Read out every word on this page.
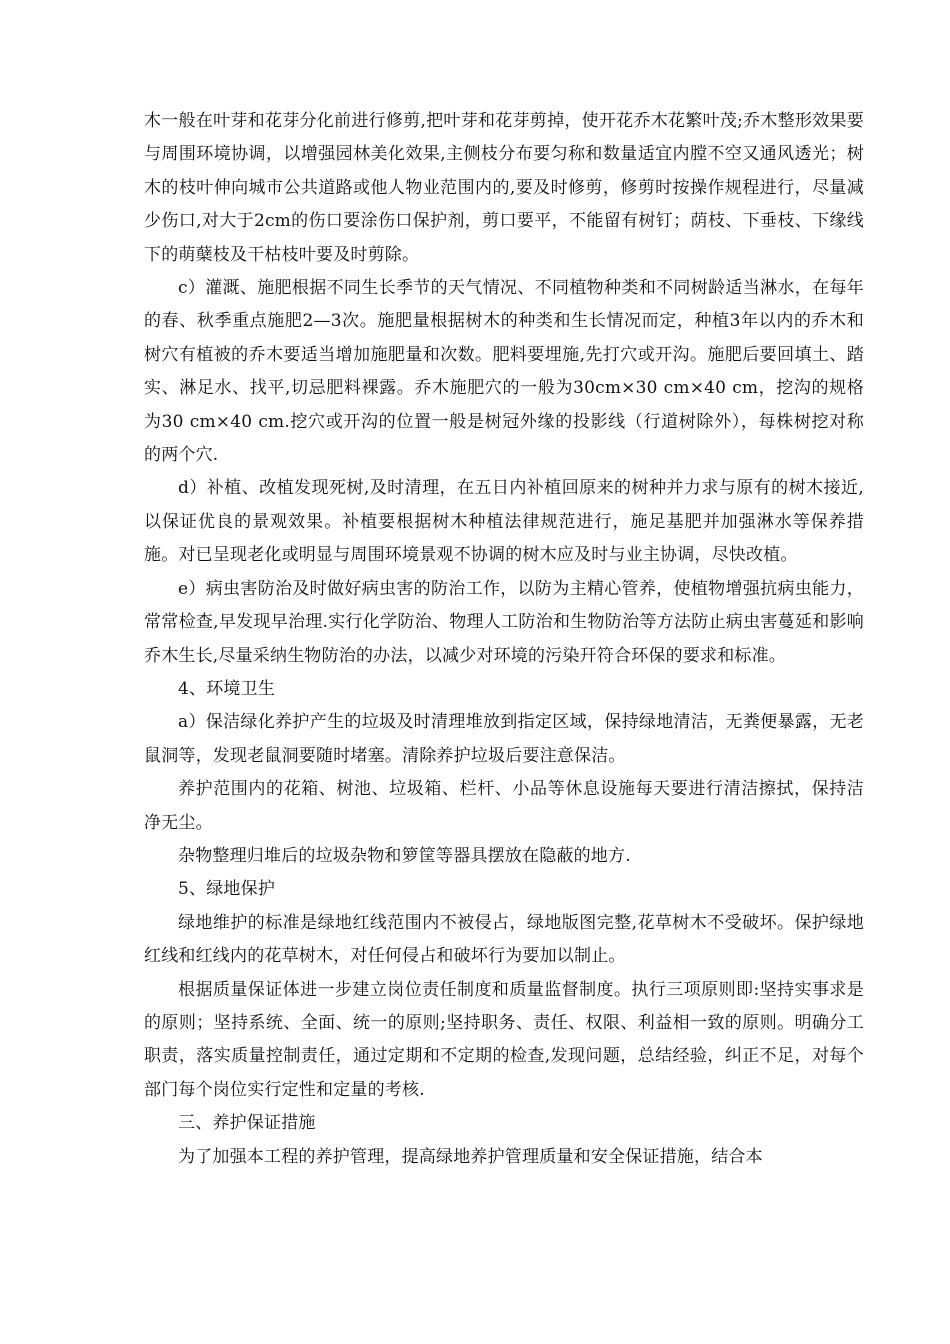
木一般在叶芽和花芽分化前进行修剪,把叶芽和花芽剪掉，使开花乔木花繁叶茂;乔木整形效果要与周围环境协调，以增强园林美化效果,主侧枝分布要匀称和数量适宜内膛不空又通风透光；树木的枝叶伸向城市公共道路或他人物业范围内的,要及时修剪，修剪时按操作规程进行，尽量减少伤口,对大于2cm的伤口要涂伤口保护剂，剪口要平，不能留有树钉；荫枝、下垂枝、下缘线下的萌蘖枝及干枯枝叶要及时剪除。

c）灌溉、施肥根据不同生长季节的天气情况、不同植物种类和不同树龄适当淋水，在每年的春、秋季重点施肥2—3次。施肥量根据树木的种类和生长情况而定，种植3年以内的乔木和树穴有植被的乔木要适当增加施肥量和次数。肥料要埋施,先打穴或开沟。施肥后要回填土、踏实、淋足水、找平,切忌肥料裸露。乔木施肥穴的一般为30cm×30 cm×40 cm，挖沟的规格为30 cm×40 cm.挖穴或开沟的位置一般是树冠外缘的投影线（行道树除外），每株树挖对称的两个穴.

d）补植、改植发现死树,及时清理，在五日内补植回原来的树种并力求与原有的树木接近,以保证优良的景观效果。补植要根据树木种植法律规范进行，施足基肥并加强淋水等保养措施。对已呈现老化或明显与周围环境景观不协调的树木应及时与业主协调，尽快改植。

e）病虫害防治及时做好病虫害的防治工作，以防为主精心管养，使植物增强抗病虫能力，常常检查,早发现早治理.实行化学防治、物理人工防治和生物防治等方法防止病虫害蔓延和影响乔木生长,尽量采纳生物防治的办法，以减少对环境的污染幵符合环保的要求和标准。

4、环境卫生

a）保洁绿化养护产生的垃圾及时清理堆放到指定区域，保持绿地清洁，无粪便暴露，无老鼠洞等，发现老鼠洞要随时堵塞。清除养护垃圾后要注意保洁。

养护范围内的花箱、树池、垃圾箱、栏杆、小品等休息设施每天要进行清洁擦拭，保持洁净无尘。

杂物整理归堆后的垃圾杂物和箩筐等器具摆放在隐蔽的地方.

5、绿地保护

绿地维护的标准是绿地红线范围内不被侵占，绿地版图完整,花草树木不受破坏。保护绿地红线和红线内的花草树木，对任何侵占和破坏行为要加以制止。

根据质量保证体进一步建立岗位责任制度和质量监督制度。执行三项原则即:坚持实事求是的原则；坚持系统、全面、统一的原则;坚持职务、责任、权限、利益相一致的原则。明确分工职责，落实质量控制责任，通过定期和不定期的检查,发现问题，总结经验，纠正不足，对每个部门每个岗位实行定性和定量的考核.

三、养护保证措施

为了加强本工程的养护管理，提高绿地养护管理质量和安全保证措施，结合本
